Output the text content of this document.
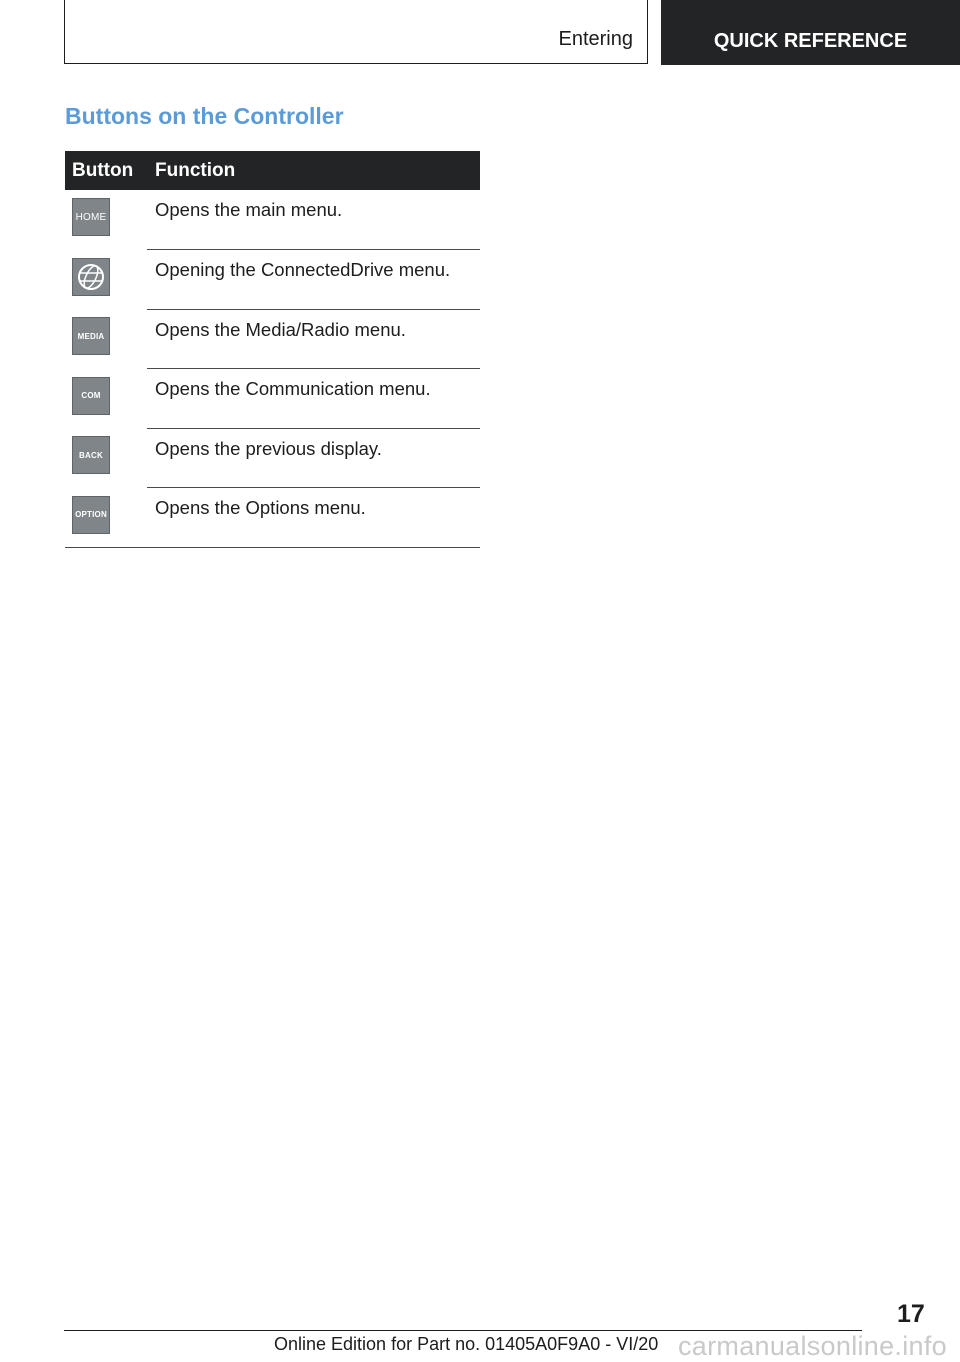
Entering	QUICK REFERENCE
Buttons on the Controller
Button	Function

HOME	Opens the main menu.

	Opening the ConnectedDrive menu.

MEDIA	Opens the Media/Radio menu.

COM	Opens the Communication menu.

BACK	Opens the previous display.

OPTION	Opens the Options menu.
17
Online Edition for Part no. 01405A0F9A0 - VI/20 carmanualsonline.info
